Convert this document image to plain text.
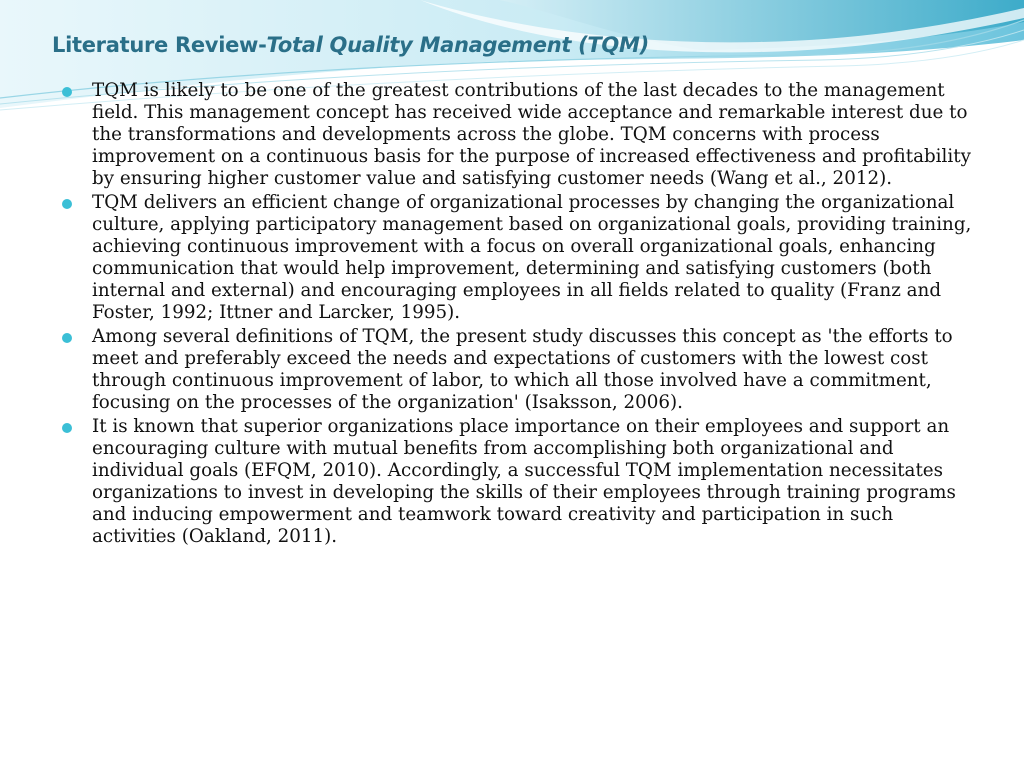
Literature Review-Total Quality Management (TQM)
TQM is likely to be one of the greatest contributions of the last decades to the management field. This management concept has received wide acceptance and remarkable interest due to the transformations and developments across the globe. TQM concerns with process improvement on a continuous basis for the purpose of increased effectiveness and profitability by ensuring higher customer value and satisfying customer needs (Wang et al., 2012).
TQM delivers an efficient change of organizational processes by changing the organizational culture, applying participatory management based on organizational goals, providing training, achieving continuous improvement with a focus on overall organizational goals, enhancing communication that would help improvement, determining and satisfying customers (both internal and external) and encouraging employees in all fields related to quality (Franz and Foster, 1992; Ittner and Larcker, 1995).
Among several definitions of TQM, the present study discusses this concept as 'the efforts to meet and preferably exceed the needs and expectations of customers with the lowest cost through continuous improvement of labor, to which all those involved have a commitment, focusing on the processes of the organization' (Isaksson, 2006).
It is known that superior organizations place importance on their employees and support an encouraging culture with mutual benefits from accomplishing both organizational and individual goals (EFQM, 2010). Accordingly, a successful TQM implementation necessitates organizations to invest in developing the skills of their employees through training programs and inducing empowerment and teamwork toward creativity and participation in such activities (Oakland, 2011).
